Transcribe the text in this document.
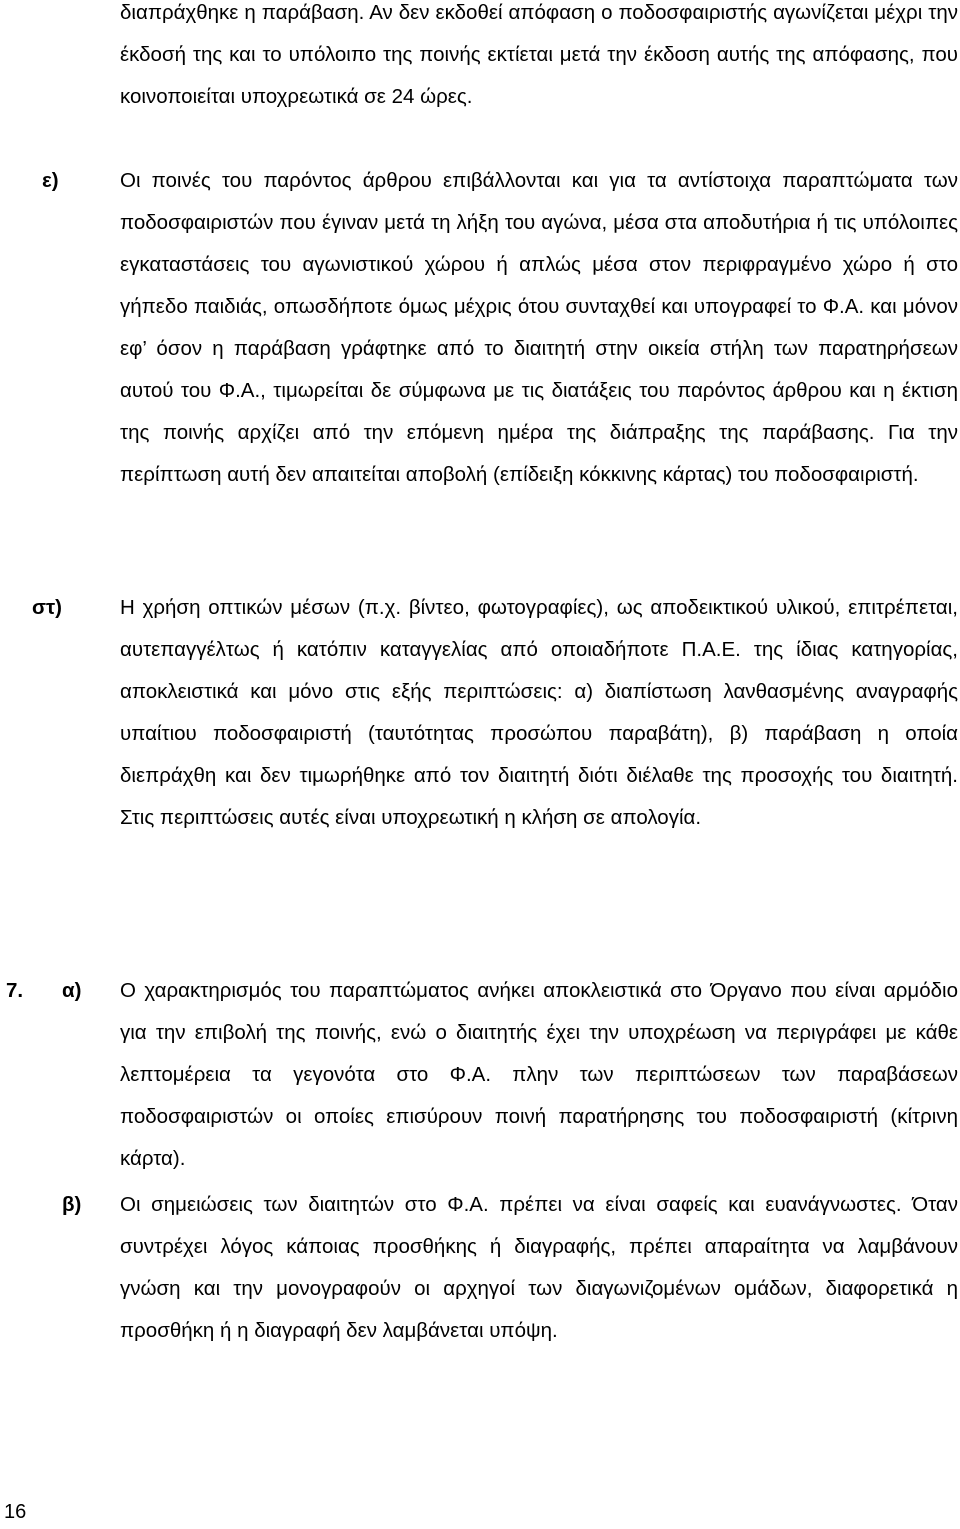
διαπράχθηκε η παράβαση. Αν δεν εκδοθεί απόφαση ο ποδοσφαιριστής αγωνίζεται μέχρι την έκδοσή της και το υπόλοιπο της ποινής εκτίεται μετά την έκδοση αυτής της απόφασης, που κοινοποιείται υποχρεωτικά σε 24 ώρες.
ε)	Οι ποινές του παρόντος άρθρου επιβάλλονται και για τα αντίστοιχα παραπτώματα των ποδοσφαιριστών που έγιναν μετά τη λήξη του αγώνα, μέσα στα αποδυτήρια ή τις υπόλοιπες εγκαταστάσεις του αγωνιστικού χώρου ή απλώς μέσα στον περιφραγμένο χώρο ή στο γήπεδο παιδιάς, οπωσδήποτε όμως μέχρις ότου συνταχθεί και υπογραφεί το Φ.Α. και μόνον εφ’ όσον η παράβαση γράφτηκε από το διαιτητή στην οικεία στήλη των παρατηρήσεων αυτού του Φ.Α., τιμωρείται δε σύμφωνα με τις διατάξεις του παρόντος άρθρου και η έκτιση της ποινής αρχίζει από την επόμενη ημέρα της διάπραξης της παράβασης. Για την περίπτωση αυτή δεν απαιτείται αποβολή (επίδειξη κόκκινης κάρτας) του ποδοσφαιριστή.
στ)	Η χρήση οπτικών μέσων (π.χ. βίντεο, φωτογραφίες), ως αποδεικτικού υλικού, επιτρέπεται, αυτεπαγγέλτως ή κατόπιν καταγγελίας από οποιαδήποτε Π.Α.Ε. της ίδιας κατηγορίας, αποκλειστικά και μόνο στις εξής περιπτώσεις: α) διαπίστωση λανθασμένης αναγραφής υπαίτιου ποδοσφαιριστή (ταυτότητας προσώπου παραβάτη), β) παράβαση η οποία διεπράχθη και δεν τιμωρήθηκε από τον διαιτητή διότι διέλαθε της προσοχής του διαιτητή. Στις περιπτώσεις αυτές είναι υποχρεωτική η κλήση σε απολογία.
7. α) Ο χαρακτηρισμός του παραπτώματος ανήκει αποκλειστικά στο Όργανο που είναι αρμόδιο για την επιβολή της ποινής, ενώ ο διαιτητής έχει την υποχρέωση να περιγράφει με κάθε λεπτομέρεια τα γεγονότα στο Φ.Α. πλην των περιπτώσεων των παραβάσεων ποδοσφαιριστών οι οποίες επισύρουν ποινή παρατήρησης του ποδοσφαιριστή (κίτρινη κάρτα).
β) Οι σημειώσεις των διαιτητών στο Φ.Α. πρέπει να είναι σαφείς και ευανάγνωστες. Όταν συντρέχει λόγος κάποιας προσθήκης ή διαγραφής, πρέπει απαραίτητα να λαμβάνουν γνώση και την μονογραφούν οι αρχηγοί των διαγωνιζομένων ομάδων, διαφορετικά η προσθήκη ή η διαγραφή δεν λαμβάνεται υπόψη.
16
